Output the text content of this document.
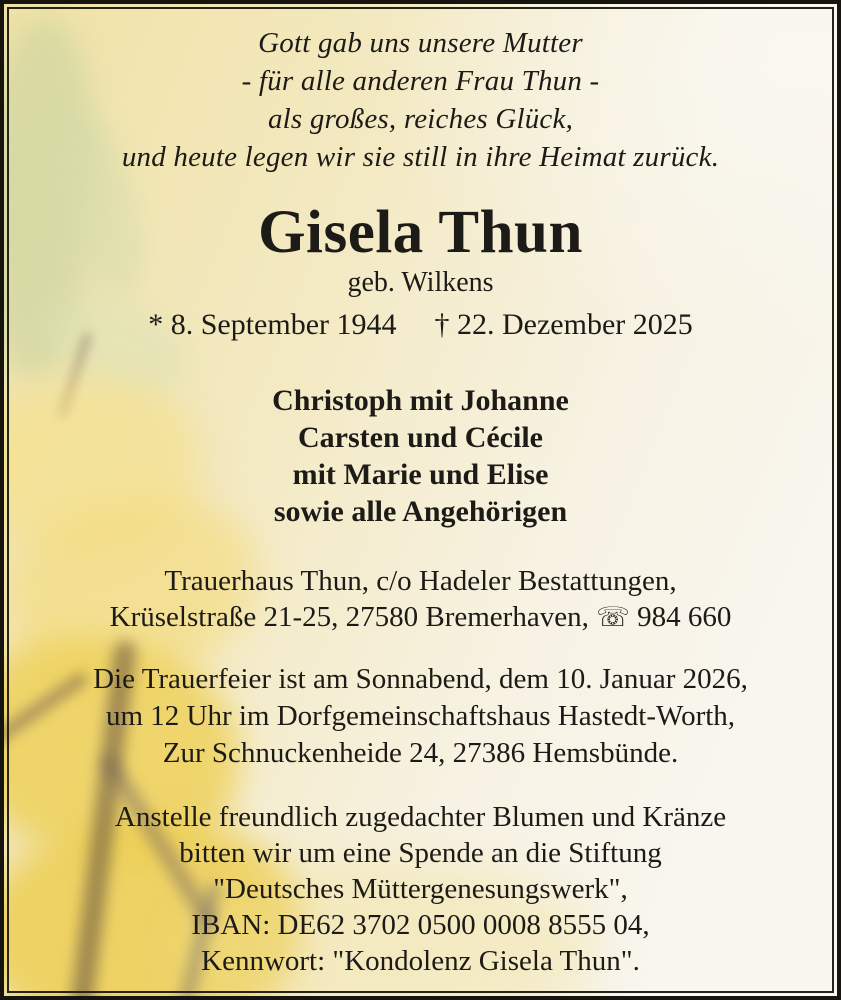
Gott gab uns unsere Mutter
- für alle anderen Frau Thun -
als großes, reiches Glück,
und heute legen wir sie still in ihre Heimat zurück.
Gisela Thun
geb. Wilkens
* 8. September 1944 † 22. Dezember 2025
Christoph mit Johanne
Carsten und Cécile
mit Marie und Elise
sowie alle Angehörigen
Trauerhaus Thun, c/o Hadeler Bestattungen,
Krüselstraße 21-25, 27580 Bremerhaven, ☏ 984 660
Die Trauerfeier ist am Sonnabend, dem 10. Januar 2026,
um 12 Uhr im Dorfgemeinschaftshaus Hastedt-Worth,
Zur Schnuckenheide 24, 27386 Hemsbünde.
Anstelle freundlich zugedachter Blumen und Kränze
bitten wir um eine Spende an die Stiftung
"Deutsches Müttergenesungswerk",
IBAN: DE62 3702 0500 0008 8555 04,
Kennwort: "Kondolenz Gisela Thun".
